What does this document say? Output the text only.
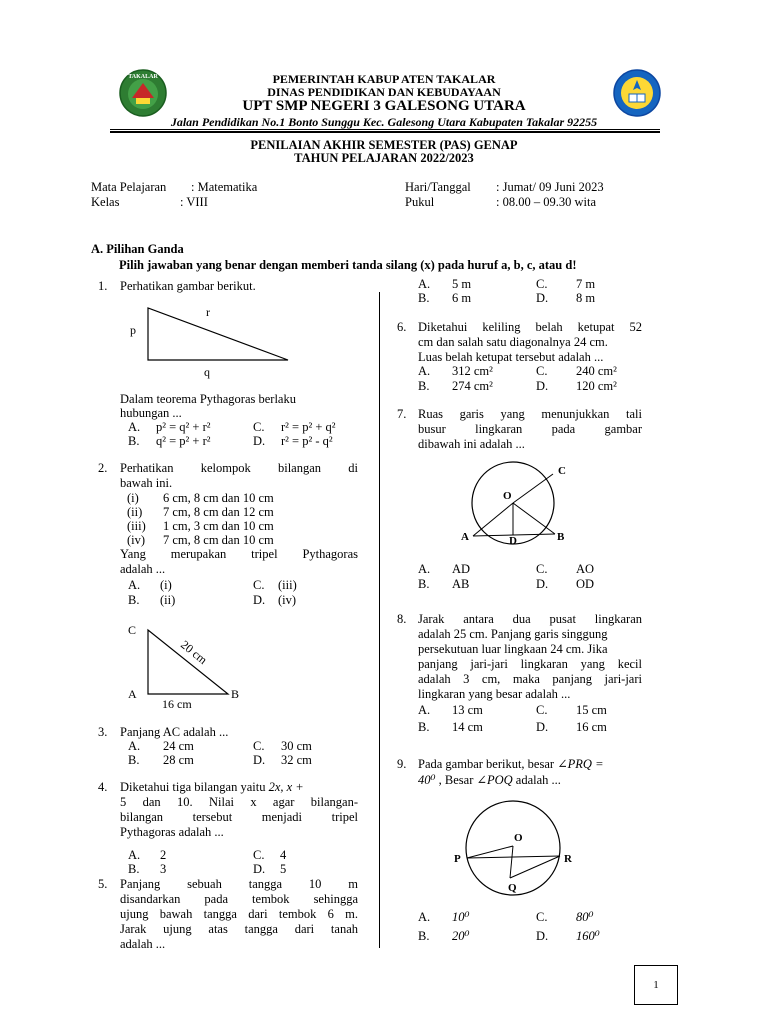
TAKALAR	PEMERINTAH KABUP ATEN TAKALAR
DINAS PENDIDIKAN DAN KEBUDAYAAN
UPT SMP NEGERI 3 GALESONG UTARA
Jalan Pendidikan No.1 Bonto Sunggu Kec. Galesong Utara Kabupaten Takalar 92255
PENILAIAN AKHIR SEMESTER (PAS) GENAP
TAHUN PELAJARAN 2022/2023
Mata Pelajaran : Matematika
Kelas	: VIII
Hari/Tanggal : Jumat/ 09 Juni 2023
Pukul	: 08.00 – 09.30 wita
A. Pilihan Ganda
Pilih jawaban yang benar dengan memberi tanda silang (x) pada huruf a, b, c, atau d!
1. Perhatikan gambar berikut.
p
r
q
Dalam teorema Pythagoras berlaku
hubungan ...
A. p² = q² + r²	C. r² = p² + q²
B. q² = p² + r²	D. r² = p² - q²
2. Perhatikan kelompok bilangan di
bawah ini.
(i) 6 cm, 8 cm dan 10 cm
(ii) 7 cm, 8 cm dan 12 cm
(iii) 1 cm, 3 cm dan 10 cm
(iv) 7 cm, 8 cm dan 10 cm
Yang merupakan tripel Pythagoras
adalah ...
A. (i)	C. (iii)
B. (ii)	D. (iv)
C
A	B
20 cm
16 cm
3. Panjang AC adalah ...
A. 24 cm	C. 30 cm
B. 28 cm	D. 32 cm
4. Diketahui tiga bilangan yaitu 2x, x +
5 dan 10. Nilai x agar bilangan-
bilangan tersebut menjadi tripel
Pythagoras adalah ...
A. 2	C. 4
B. 3	D. 5
5. Panjang sebuah tangga 10 m
disandarkan pada tembok sehingga
ujung bawah tangga dari tembok 6 m.
Jarak ujung atas tangga dari tanah
adalah ...
A. 5 m	C. 7 m
B. 6 m	D. 8 m
6. Diketahui keliling belah ketupat 52
cm dan salah satu diagonalnya 24 cm.
Luas belah ketupat tersebut adalah ...
A. 312 cm²	C. 240 cm²
B. 274 cm²	D. 120 cm²
7. Ruas garis yang menunjukkan tali
busur lingkaran pada gambar
dibawah ini adalah ...
O
C
A	B
D
A. AD	C. AO
B. AB	D. OD
8. Jarak antara dua pusat lingkaran
adalah 25 cm. Panjang garis singgung
persekutuan luar lingkaan 24 cm. Jika
panjang jari-jari lingkaran yang kecil
adalah 3 cm, maka panjang jari-jari
lingkaran yang besar adalah ...
A. 13 cm	C. 15 cm
B. 14 cm	D. 16 cm
9. Pada gambar berikut, besar ∠PRQ =
40⁰ , Besar ∠POQ adalah ...
O
P	R
Q
A. 10⁰	C. 80⁰
B. 20⁰	D. 160⁰
1
